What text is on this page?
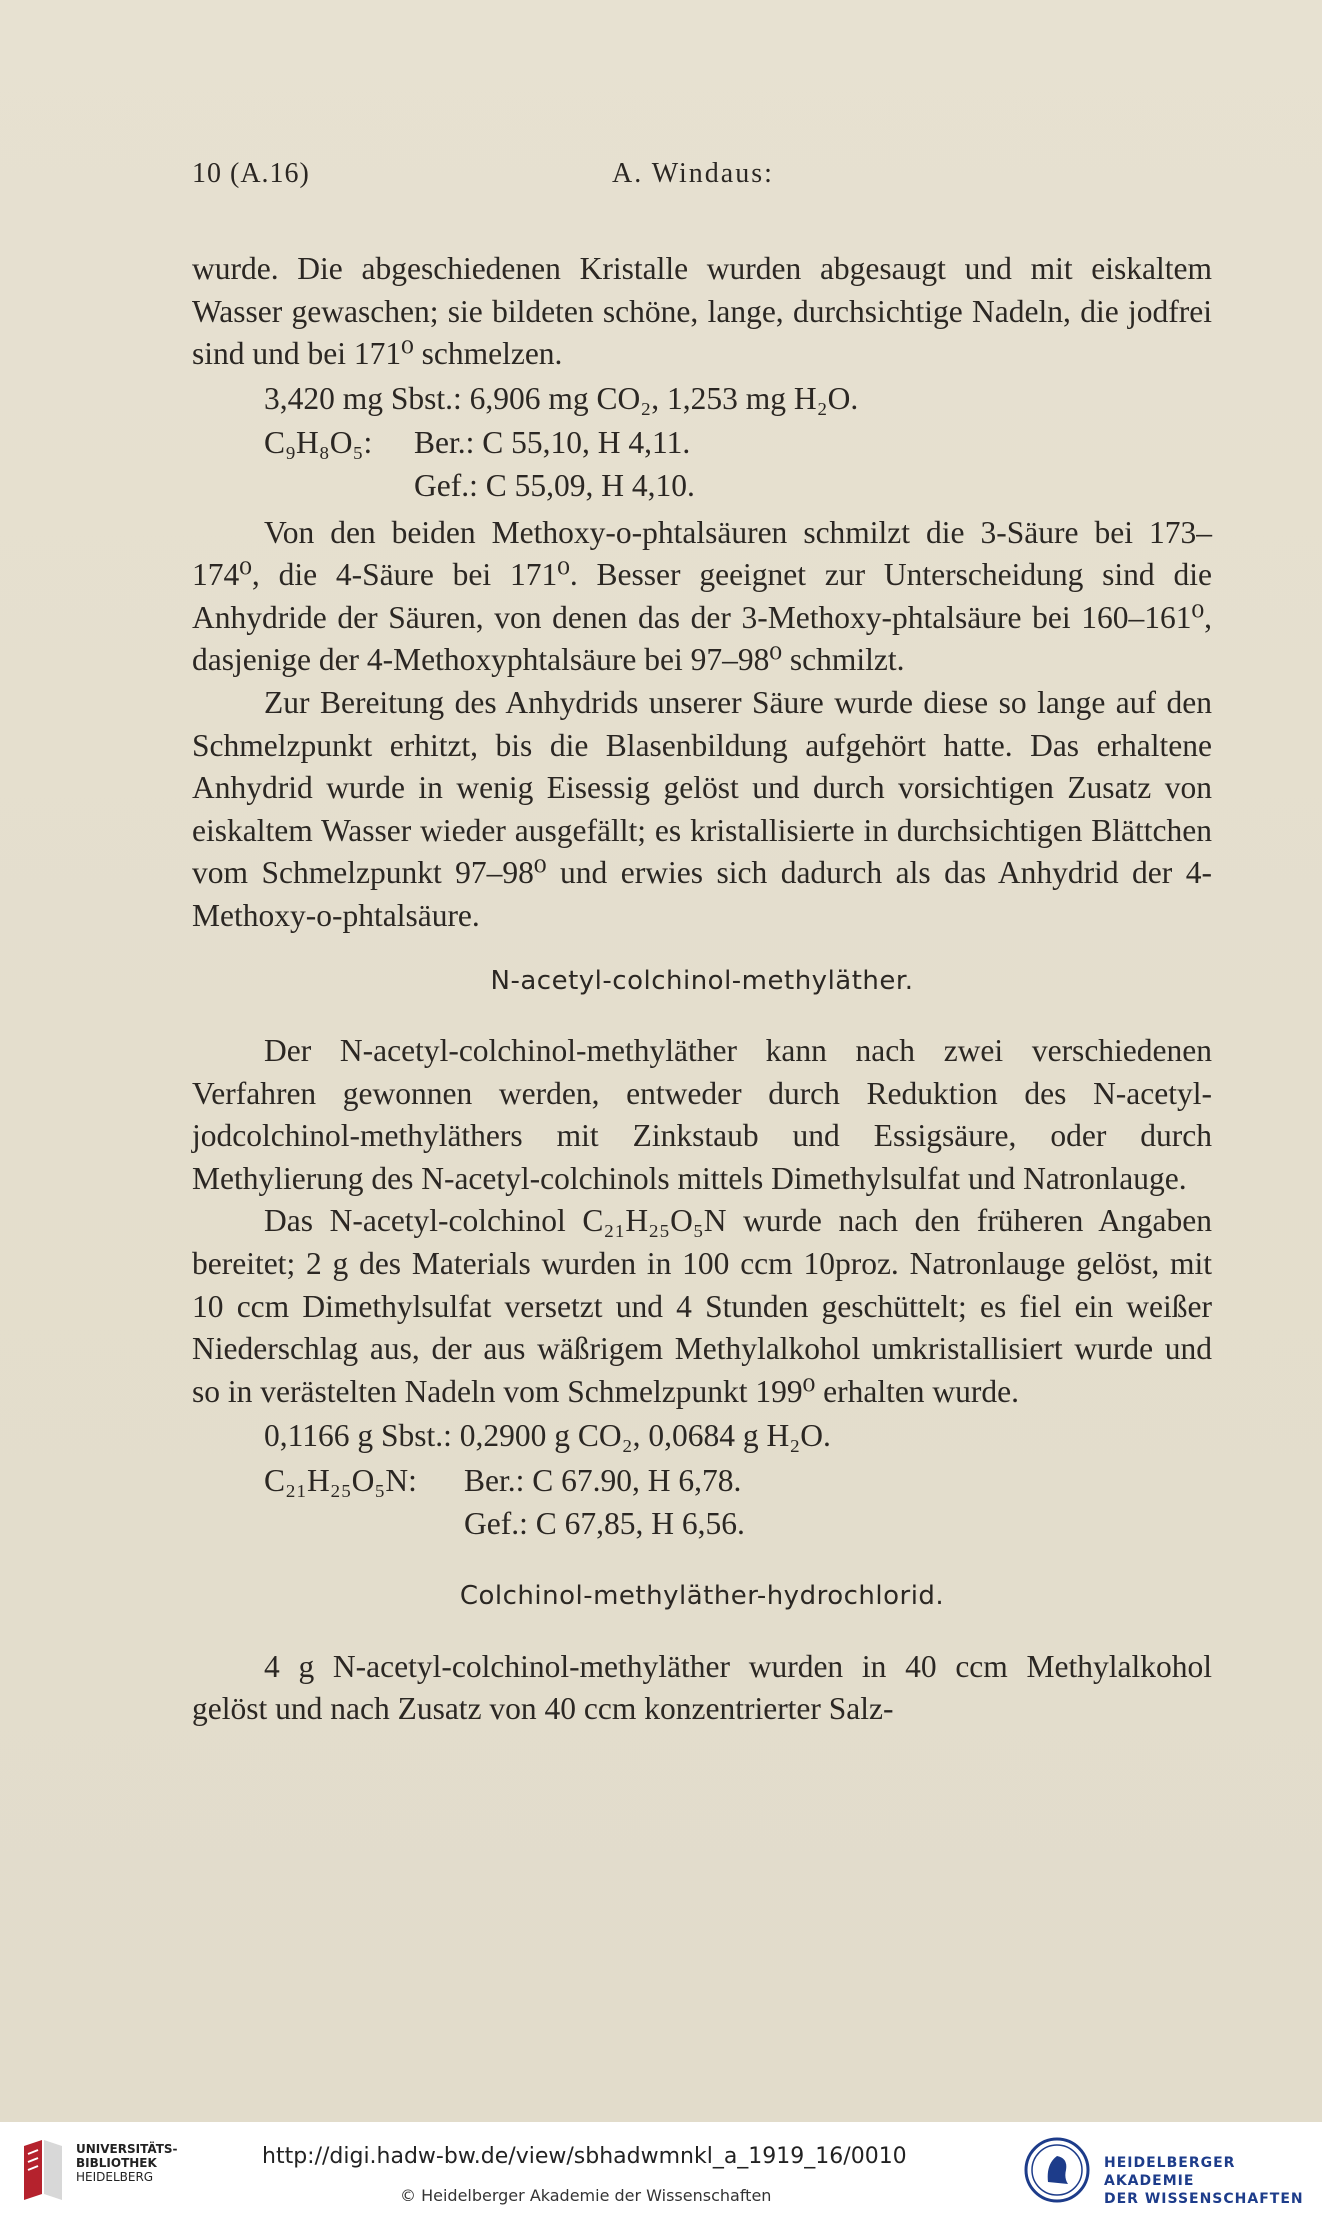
10 (A.16)	A. Windaus:

wurde. Die abgeschiedenen Kristalle wurden abgesaugt und mit eiskaltem Wasser gewaschen; sie bildeten schöne, lange, durchsichtige Nadeln, die jodfrei sind und bei 171⁰ schmelzen.

3,420 mg Sbst.: 6,906 mg CO₂, 1,253 mg H₂O.
C₉H₈O₅: Ber.: C 55,10, H 4,11.
Gef.: C 55,09, H 4,10.

Von den beiden Methoxy-o-phtalsäuren schmilzt die 3-Säure bei 173–174⁰, die 4-Säure bei 171⁰. Besser geeignet zur Unterscheidung sind die Anhydride der Säuren, von denen das der 3-Methoxy-phtalsäure bei 160–161⁰, dasjenige der 4-Methoxyphtalsäure bei 97–98⁰ schmilzt.

Zur Bereitung des Anhydrids unserer Säure wurde diese so lange auf den Schmelzpunkt erhitzt, bis die Blasenbildung aufgehört hatte. Das erhaltene Anhydrid wurde in wenig Eisessig gelöst und durch vorsichtigen Zusatz von eiskaltem Wasser wieder ausgefällt; es kristallisierte in durchsichtigen Blättchen vom Schmelzpunkt 97–98⁰ und erwies sich dadurch als das Anhydrid der 4-Methoxy-o-phtalsäure.

N-acetyl-colchinol-methyläther.

Der N-acetyl-colchinol-methyläther kann nach zwei verschiedenen Verfahren gewonnen werden, entweder durch Reduktion des N-acetyl-jodcolchinol-methyläthers mit Zinkstaub und Essigsäure, oder durch Methylierung des N-acetyl-colchinols mittels Dimethylsulfat und Natronlauge.

Das N-acetyl-colchinol C₂₁H₂₅O₅N wurde nach den früheren Angaben bereitet; 2 g des Materials wurden in 100 ccm 10proz. Natronlauge gelöst, mit 10 ccm Dimethylsulfat versetzt und 4 Stunden geschüttelt; es fiel ein weißer Niederschlag aus, der aus wäßrigem Methylalkohol umkristallisiert wurde und so in verästelten Nadeln vom Schmelzpunkt 199⁰ erhalten wurde.

0,1166 g Sbst.: 0,2900 g CO₂, 0,0684 g H₂O.
C₂₁H₂₅O₅N: Ber.: C 67.90, H 6,78.
Gef.: C 67,85, H 6,56.
Colchinol-methyläther-hydrochlorid.

4 g N-acetyl-colchinol-methyläther wurden in 40 ccm Methylalkohol gelöst und nach Zusatz von 40 ccm konzentrierter Salz-

UNIVERSITÄTS-
BIBLIOTHEK
HEIDELBERG
http://digi.hadw-bw.de/view/sbhadwmnkl_a_1919_16/0010
© Heidelberger Akademie der Wissenschaften
HEIDELBERGER AKADEMIE
DER WISSENSCHAFTEN
